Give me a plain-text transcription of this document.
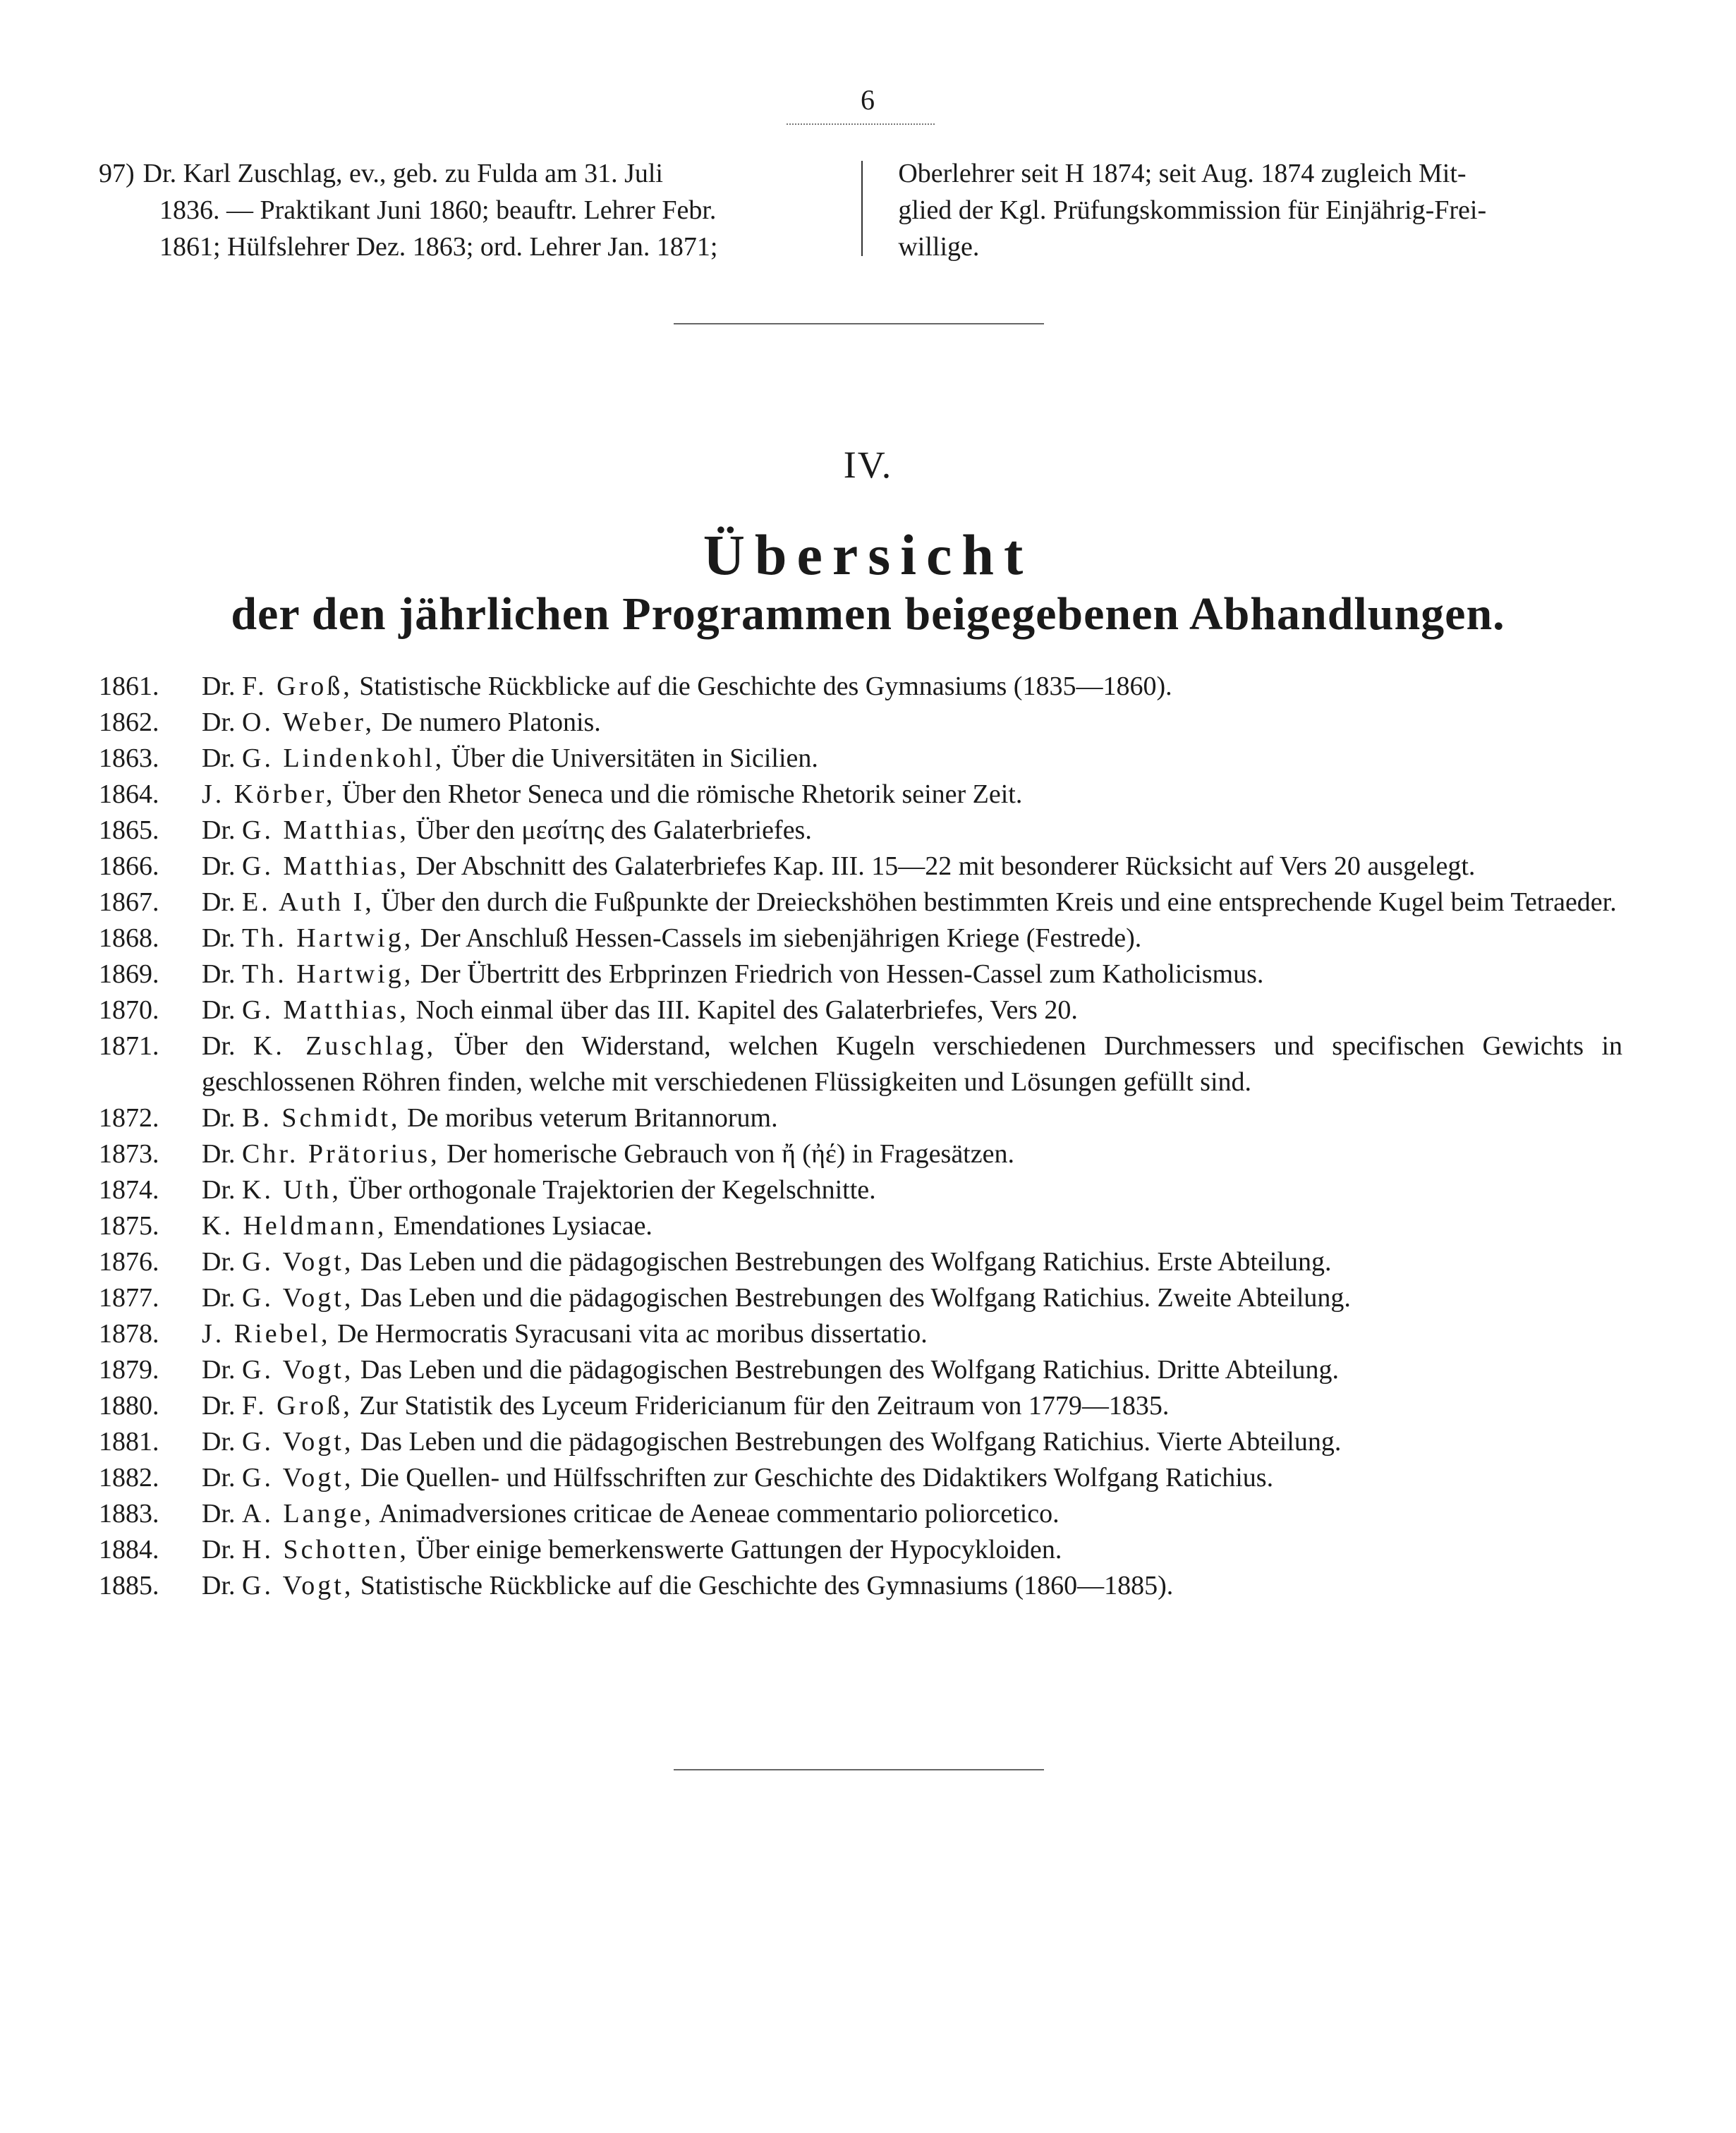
6
97) Dr. Karl Zuschlag, ev., geb. zu Fulda am 31. Juli
1836. — Praktikant Juni 1860; beauftr. Lehrer Febr.
1861; Hülfslehrer Dez. 1863; ord. Lehrer Jan. 1871;
Oberlehrer seit H 1874; seit Aug. 1874 zugleich Mit-
glied der Kgl. Prüfungskommission für Einjährig-Frei-
willige.
IV.
Übersicht
der den jährlichen Programmen beigegebenen Abhandlungen.
1861.	Dr. F. Groß, Statistische Rückblicke auf die Geschichte des Gymnasiums (1835—1860).
1862.	Dr. O. Weber, De numero Platonis.
1863.	Dr. G. Lindenkohl, Über die Universitäten in Sicilien.
1864.	J. Körber, Über den Rhetor Seneca und die römische Rhetorik seiner Zeit.
1865.	Dr. G. Matthias, Über den μεσίτης des Galaterbriefes.
1866.	Dr. G. Matthias, Der Abschnitt des Galaterbriefes Kap. III. 15—22 mit besonderer Rücksicht auf Vers 20 ausgelegt.
1867.	Dr. E. Auth I, Über den durch die Fußpunkte der Dreieckshöhen bestimmten Kreis und eine entsprechende Kugel beim Tetraeder.
1868.	Dr. Th. Hartwig, Der Anschluß Hessen-Cassels im siebenjährigen Kriege (Festrede).
1869.	Dr. Th. Hartwig, Der Übertritt des Erbprinzen Friedrich von Hessen-Cassel zum Katholicismus.
1870.	Dr. G. Matthias, Noch einmal über das III. Kapitel des Galaterbriefes, Vers 20.
1871.	Dr. K. Zuschlag, Über den Widerstand, welchen Kugeln verschiedenen Durchmessers und specifischen Gewichts in geschlossenen Röhren finden, welche mit verschiedenen Flüssigkeiten und Lösungen gefüllt sind.
1872.	Dr. B. Schmidt, De moribus veterum Britannorum.
1873.	Dr. Chr. Prätorius, Der homerische Gebrauch von ἤ (ἠέ) in Fragesätzen.
1874.	Dr. K. Uth, Über orthogonale Trajektorien der Kegelschnitte.
1875.	K. Heldmann, Emendationes Lysiacae.
1876.	Dr. G. Vogt, Das Leben und die pädagogischen Bestrebungen des Wolfgang Ratichius. Erste Abteilung.
1877.	Dr. G. Vogt, Das Leben und die pädagogischen Bestrebungen des Wolfgang Ratichius. Zweite Abteilung.
1878.	J. Riebel, De Hermocratis Syracusani vita ac moribus dissertatio.
1879.	Dr. G. Vogt, Das Leben und die pädagogischen Bestrebungen des Wolfgang Ratichius. Dritte Abteilung.
1880.	Dr. F. Groß, Zur Statistik des Lyceum Fridericianum für den Zeitraum von 1779—1835.
1881.	Dr. G. Vogt, Das Leben und die pädagogischen Bestrebungen des Wolfgang Ratichius. Vierte Abteilung.
1882.	Dr. G. Vogt, Die Quellen- und Hülfsschriften zur Geschichte des Didaktikers Wolfgang Ratichius.
1883.	Dr. A. Lange, Animadversiones criticae de Aeneae commentario poliorcetico.
1884.	Dr. H. Schotten, Über einige bemerkenswerte Gattungen der Hypocykloiden.
1885.	Dr. G. Vogt, Statistische Rückblicke auf die Geschichte des Gymnasiums (1860—1885).
